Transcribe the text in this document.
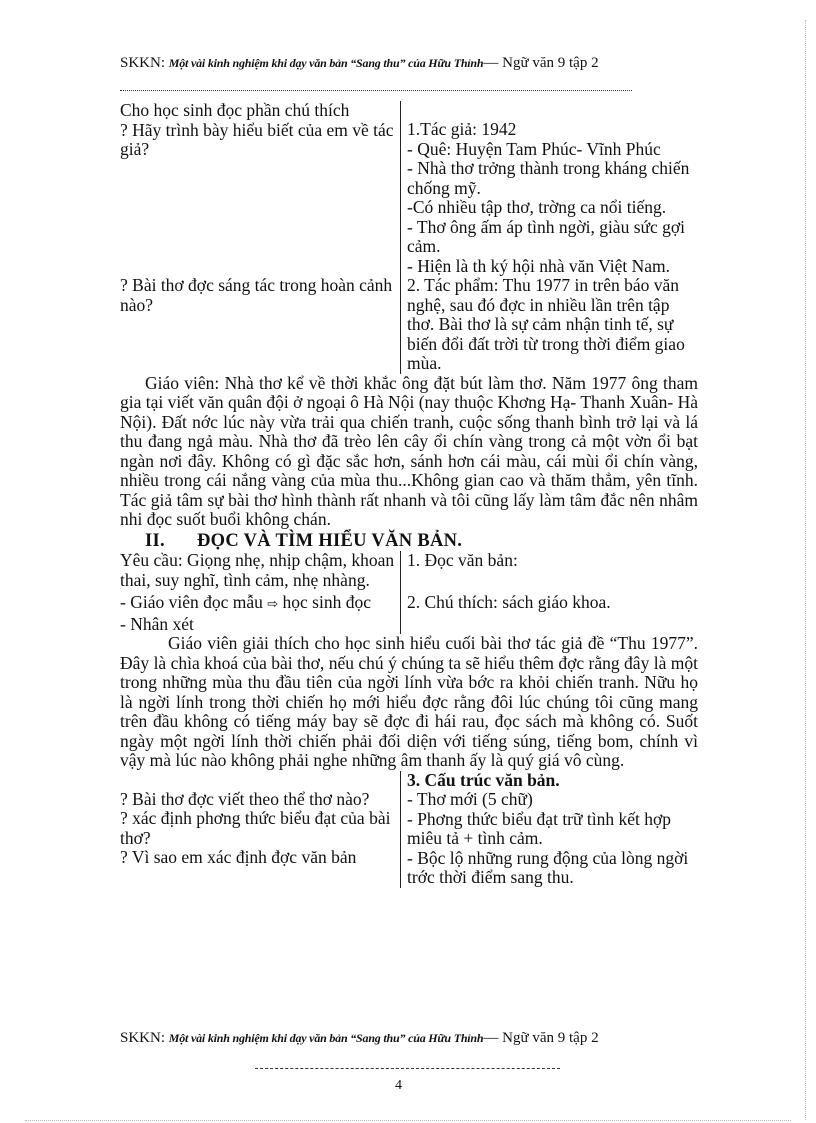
SKKN: Một vài kinh nghiệm khi dạy văn bản “Sang thu” của Hữu Thỉnh— Ngữ văn 9 tập 2

Cho học sinh đọc phần chú thích

? Hãy trình bày hiểu biết của em về tác giả?

1.Tác giả: 1942

- Quê: Huyện Tam Phúc- Vĩnh Phúc

- Nhà thơ trởng thành trong kháng chiến chống mỹ.

-Có nhiều tập thơ, trờng ca nổi tiếng.

- Thơ ông ấm áp tình ngời, giàu sức gợi cảm.

- Hiện là th ký hội nhà văn Việt Nam.

? Bài thơ đợc sáng tác trong hoàn cảnh nào?

2. Tác phẩm: Thu 1977 in trên báo văn nghệ, sau đó đợc in nhiều lần trên tập thơ. Bài thơ là sự cảm nhận tinh tế, sự biến đổi đất trời từ trong thời điểm giao mùa.

Giáo viên: Nhà thơ kể về thời khắc ông đặt bút làm thơ. Năm 1977 ông tham gia tại viết văn quân đội ở ngoại ô Hà Nội (nay thuộc Khơng Hạ- Thanh Xuân- Hà Nội). Đất nớc lúc này vừa trải qua chiến tranh, cuộc sống thanh bình trở lại và lá thu đang ngả màu. Nhà thơ đã trèo lên cây ổi chín vàng trong cả một vờn ổi bạt ngàn nơi đây. Không có gì đặc sắc hơn, sánh hơn cái màu, cái mùi ổi chín vàng, nhiều trong cái nắng vàng của mùa thu...Không gian cao và thăm thẳm, yên tĩnh. Tác giả tâm sự bài thơ hình thành rất nhanh và tôi cũng lấy làm tâm đắc nên nhâm nhi đọc suốt buổi không chán.

II. ĐỌC VÀ TÌM HIỂU VĂN BẢN.

Yêu cầu: Giọng nhẹ, nhịp chậm, khoan thai, suy nghĩ, tình cảm, nhẹ nhàng.

- Giáo viên đọc mẫu ⇨ học sinh đọc

- Nhân xét

1. Đọc văn bản:

2. Chú thích: sách giáo khoa.

Giáo viên giải thích cho học sinh hiểu cuối bài thơ tác giả đề “Thu 1977”. Đây là chìa khoá của bài thơ, nếu chú ý chúng ta sẽ hiểu thêm đợc rằng đây là một trong những mùa thu đầu tiên của ngời lính vừa bớc ra khỏi chiến tranh. Nữu họ là ngời lính trong thời chiến họ mới hiểu đợc rằng đôi lúc chúng tôi cũng mang trên đầu không có tiếng máy bay sẽ đợc đi hái rau, đọc sách mà không có. Suốt ngày một ngời lính thời chiến phải đối diện với tiếng súng, tiếng bom, chính vì vậy mà lúc nào không phải nghe những âm thanh ấy là quý giá vô cùng.

? Bài thơ đợc viết theo thể thơ nào?

? xác định phơng thức biểu đạt của bài thơ?

? Vì sao em xác định đợc văn bản

3. Cấu trúc văn bản.

- Thơ mới (5 chữ)

- Phơng thức biểu đạt trữ tình kết hợp miêu tả + tình cảm.

- Bộc lộ những rung động của lòng ngời trớc thời điểm sang thu.

SKKN: Một vài kinh nghiệm khi dạy văn bản “Sang thu” của Hữu Thỉnh— Ngữ văn 9 tập 2
4
